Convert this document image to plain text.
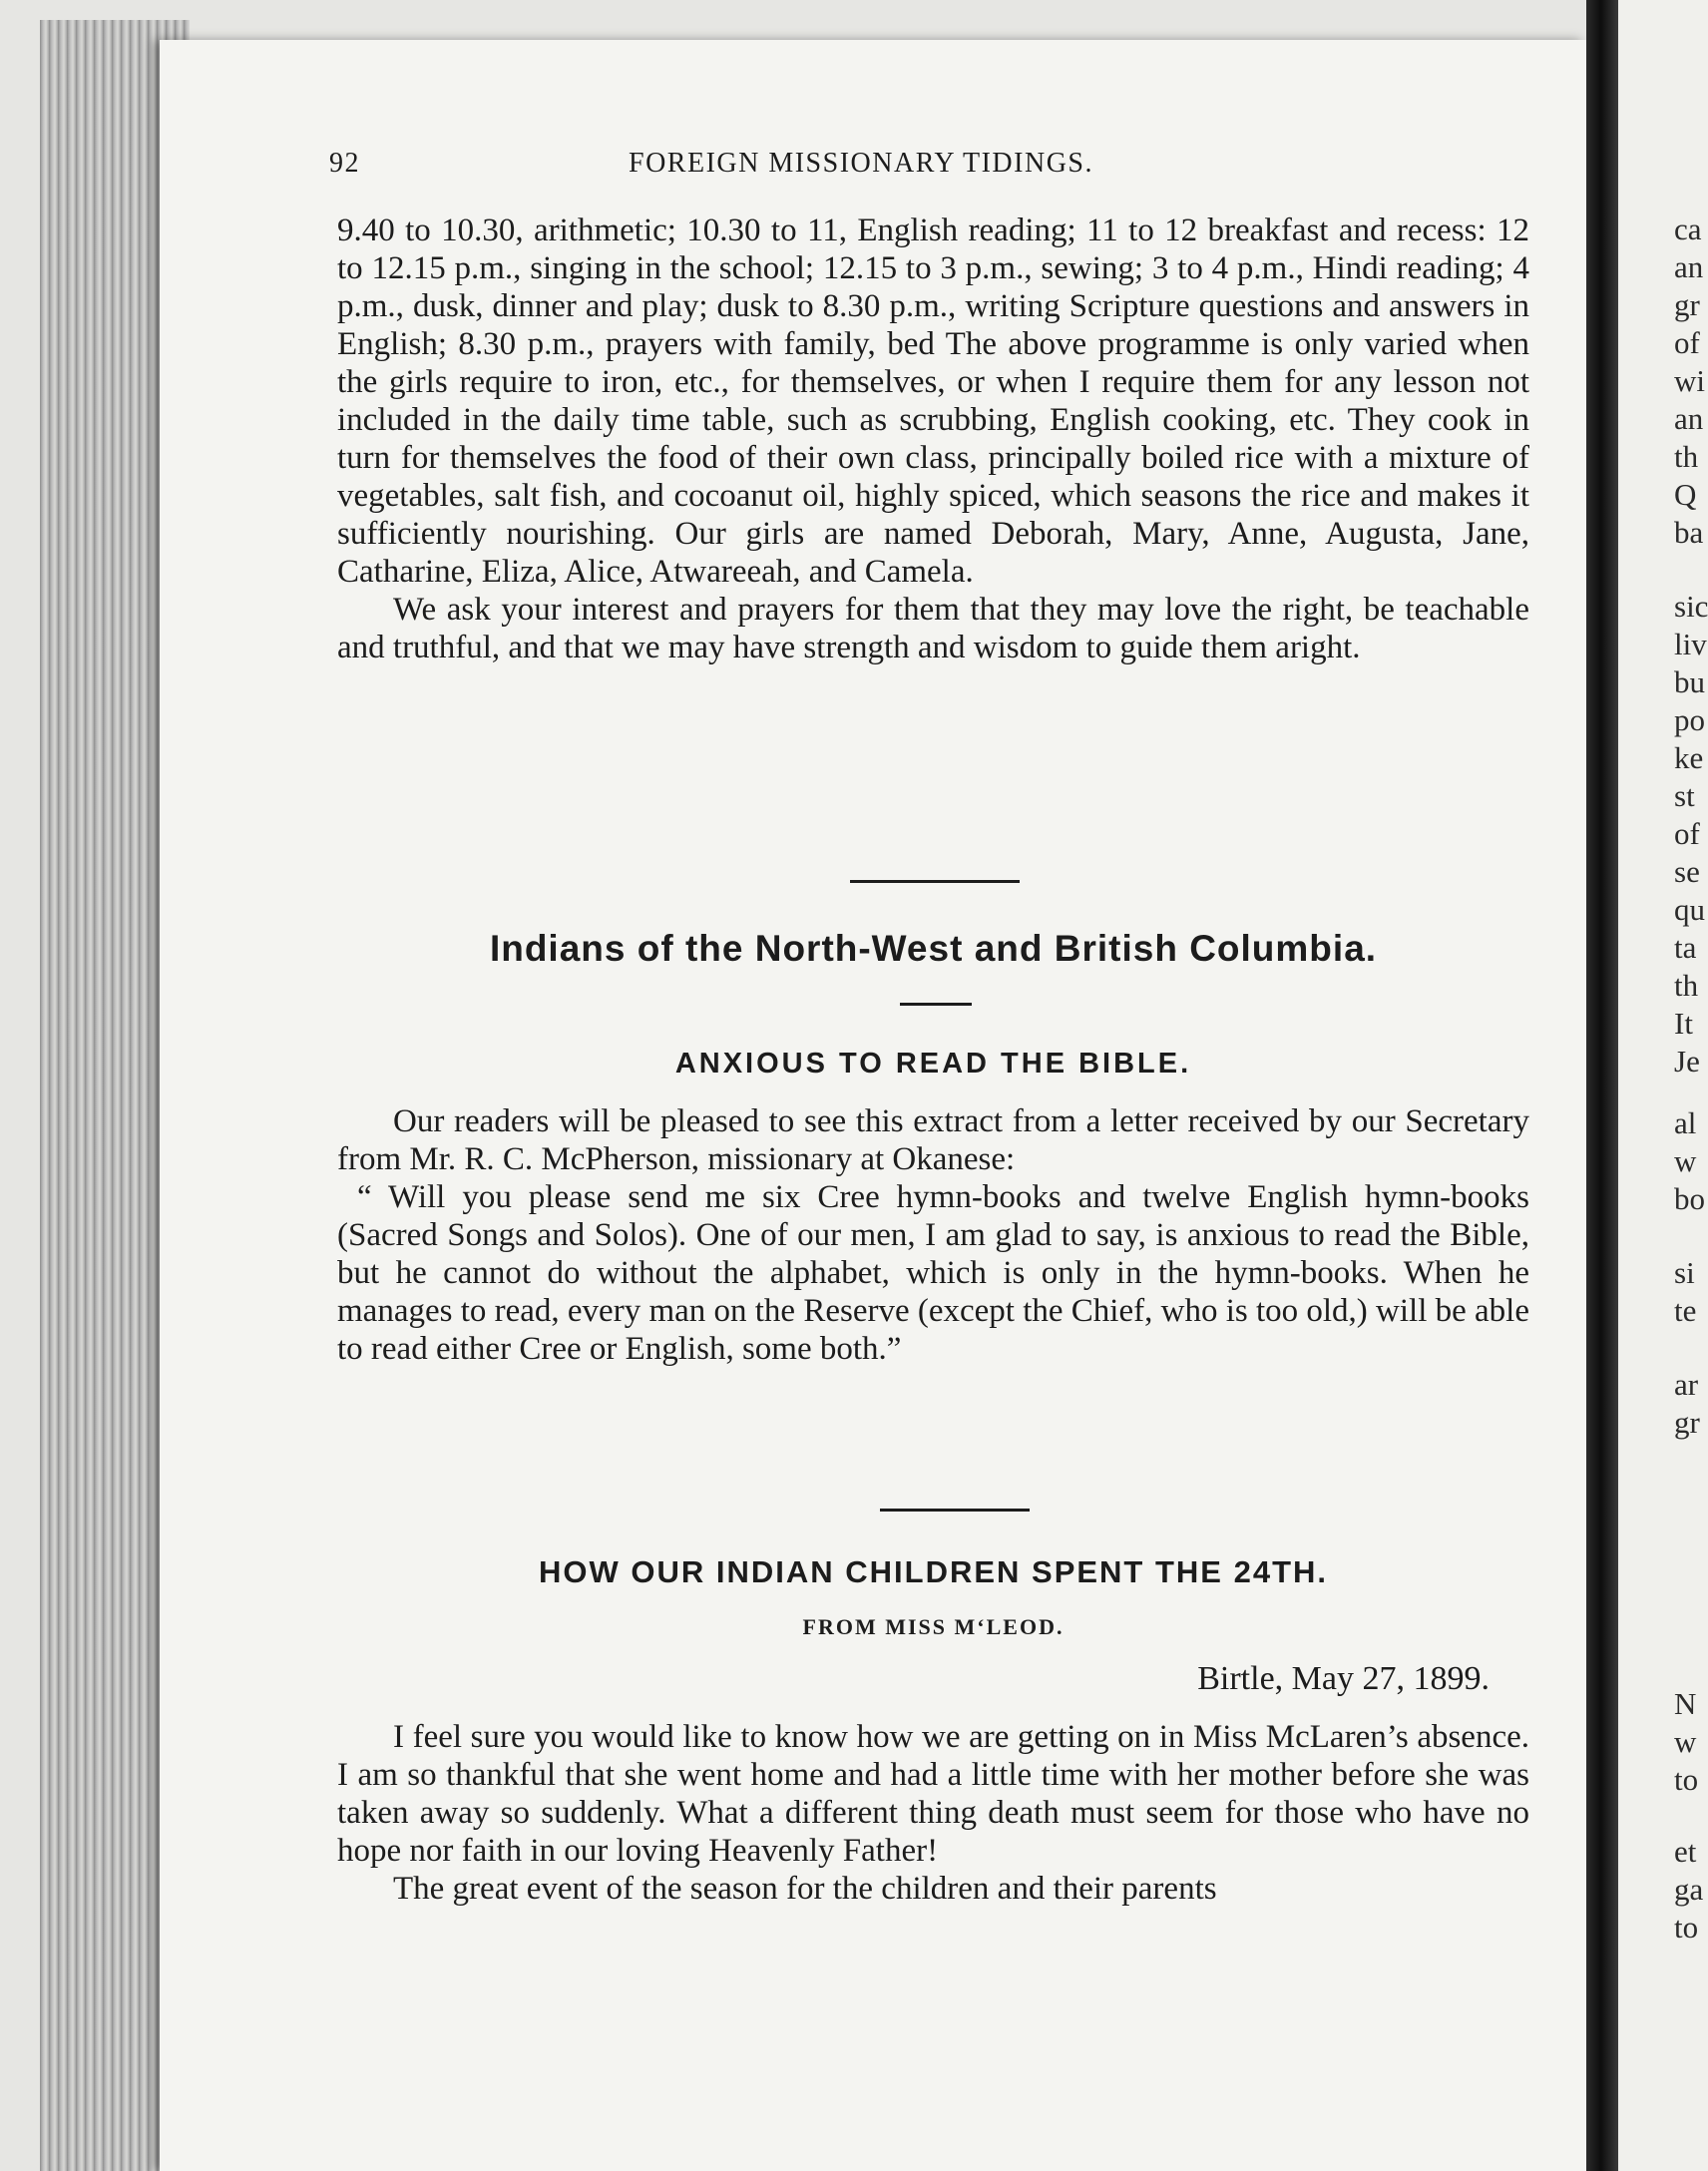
92	FOREIGN MISSIONARY TIDINGS.

9.40 to 10.30, arithmetic; 10.30 to 11, English reading; 11 to 12 breakfast and recess: 12 to 12.15 p.m., singing in the school; 12.15 to 3 p.m., sewing; 3 to 4 p.m., Hindi reading; 4 p.m., dusk, dinner and play; dusk to 8.30 p.m., writing Scripture questions and answers in English; 8.30 p.m., prayers with family, bed The above programme is only varied when the girls require to iron, etc., for themselves, or when I require them for any lesson not included in the daily time table, such as scrubbing, English cooking, etc. They cook in turn for themselves the food of their own class, principally boiled rice with a mixture of vegetables, salt fish, and cocoanut oil, highly spiced, which seasons the rice and makes it sufficiently nourishing. Our girls are named Deborah, Mary, Anne, Augusta, Jane, Catharine, Eliza, Alice, Atwareeah, and Camela.

We ask your interest and prayers for them that they may love the right, be teachable and truthful, and that we may have strength and wisdom to guide them aright.

Indians of the North-West and British Columbia.
ANXIOUS TO READ THE BIBLE.

Our readers will be pleased to see this extract from a letter received by our Secretary from Mr. R. C. McPherson, missionary at Okanese:

“ Will you please send me six Cree hymn-books and twelve English hymn-books (Sacred Songs and Solos). One of our men, I am glad to say, is anxious to read the Bible, but he cannot do without the alphabet, which is only in the hymn-books. When he manages to read, every man on the Reserve (except the Chief, who is too old,) will be able to read either Cree or English, some both.”

HOW OUR INDIAN CHILDREN SPENT THE 24TH.
FROM MISS M‘LEOD.
Birtle, May 27, 1899.

I feel sure you would like to know how we are getting on in Miss McLaren’s absence. I am so thankful that she went home and had a little time with her mother before she was taken away so suddenly. What a different thing death must seem for those who have no hope nor faith in our loving Heavenly Father!

The great event of the season for the children and their parents

ca
an
gr
of
wi
an
th
Q
ba
sic
liv
bu
po
ke
st
of
se
qu
ta
th
It
Je
al
w
bo
si
te
ar
gr
N
w
to
et
ga
to
